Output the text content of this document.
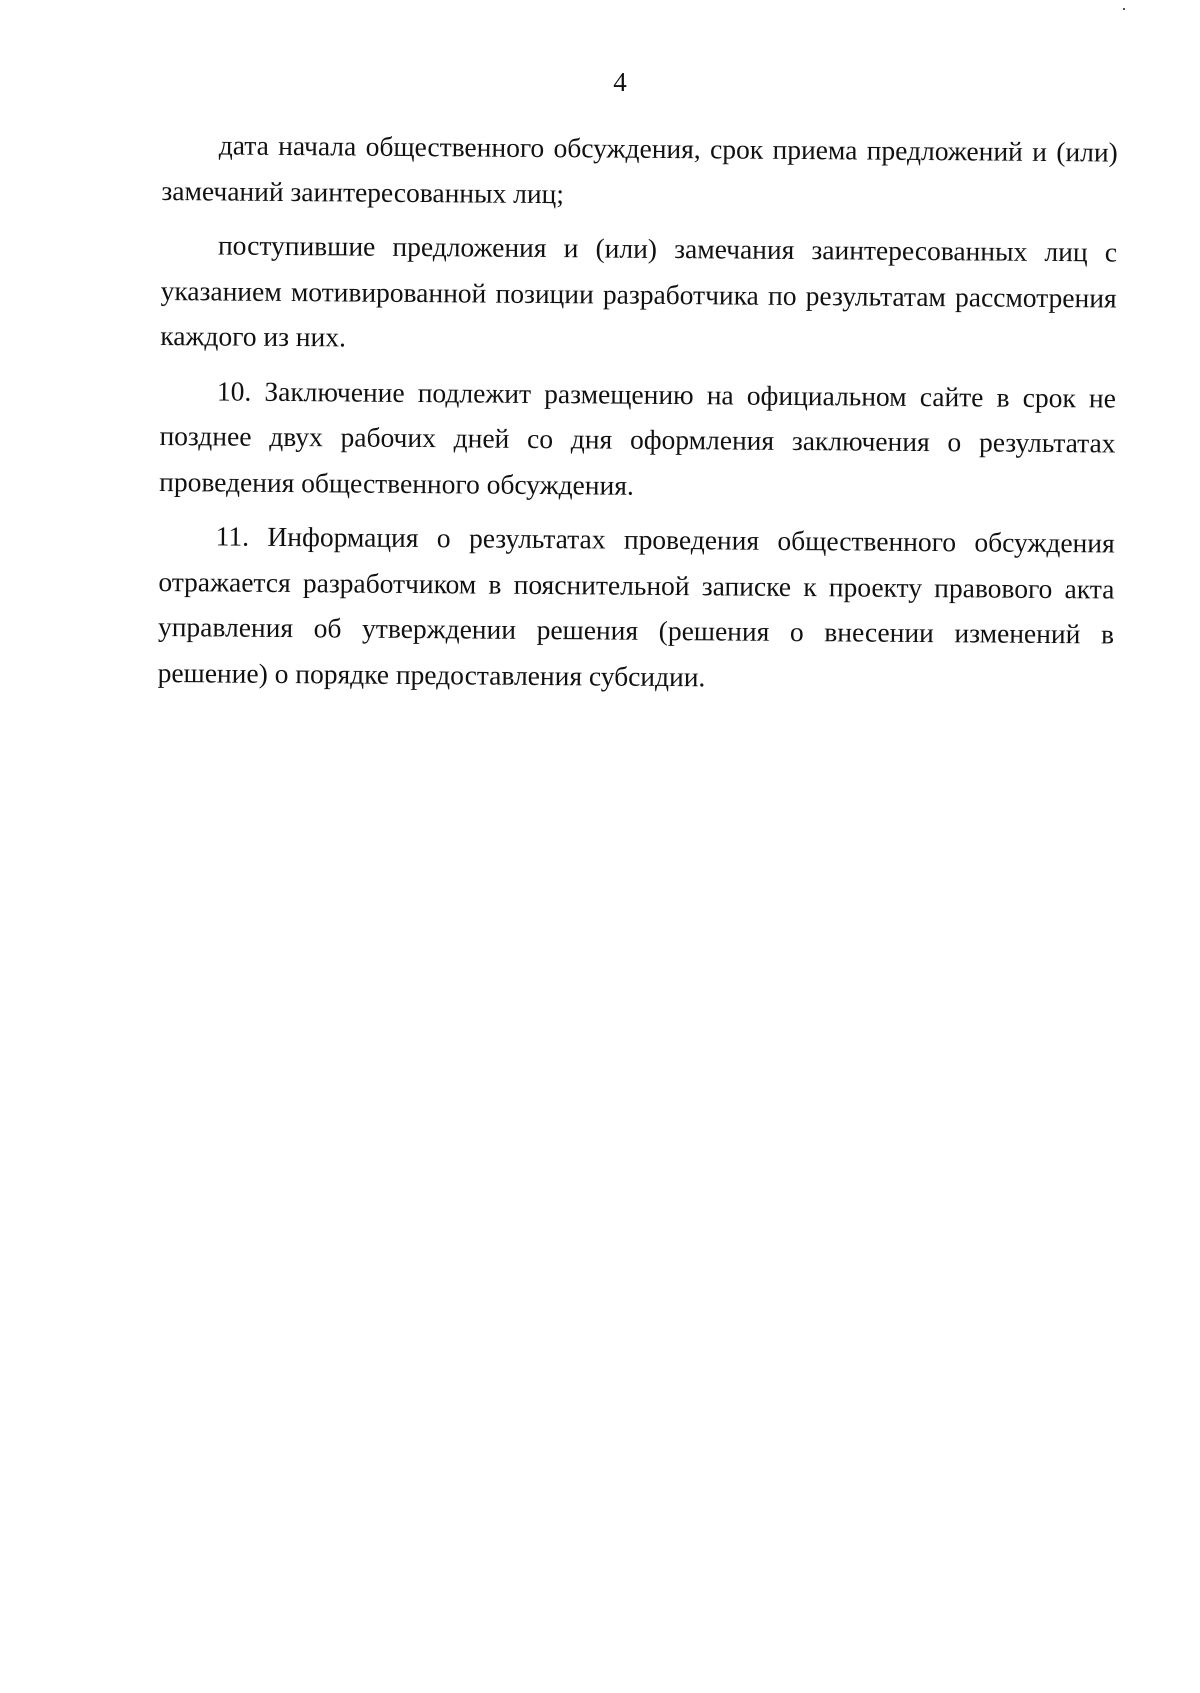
4

дата начала общественного обсуждения, срок приема предложений и (или) замечаний заинтересованных лиц;

поступившие предложения и (или) замечания заинтересованных лиц с указанием мотивированной позиции разработчика по результатам рассмотрения каждого из них.

10. Заключение подлежит размещению на официальном сайте в срок не позднее двух рабочих дней со дня оформления заключения о результатах проведения общественного обсуждения.

11. Информация о результатах проведения общественного обсуждения отражается разработчиком в пояснительной записке к проекту правового акта управления об утверждении решения (решения о внесении изменений в решение) о порядке предоставления субсидии.
